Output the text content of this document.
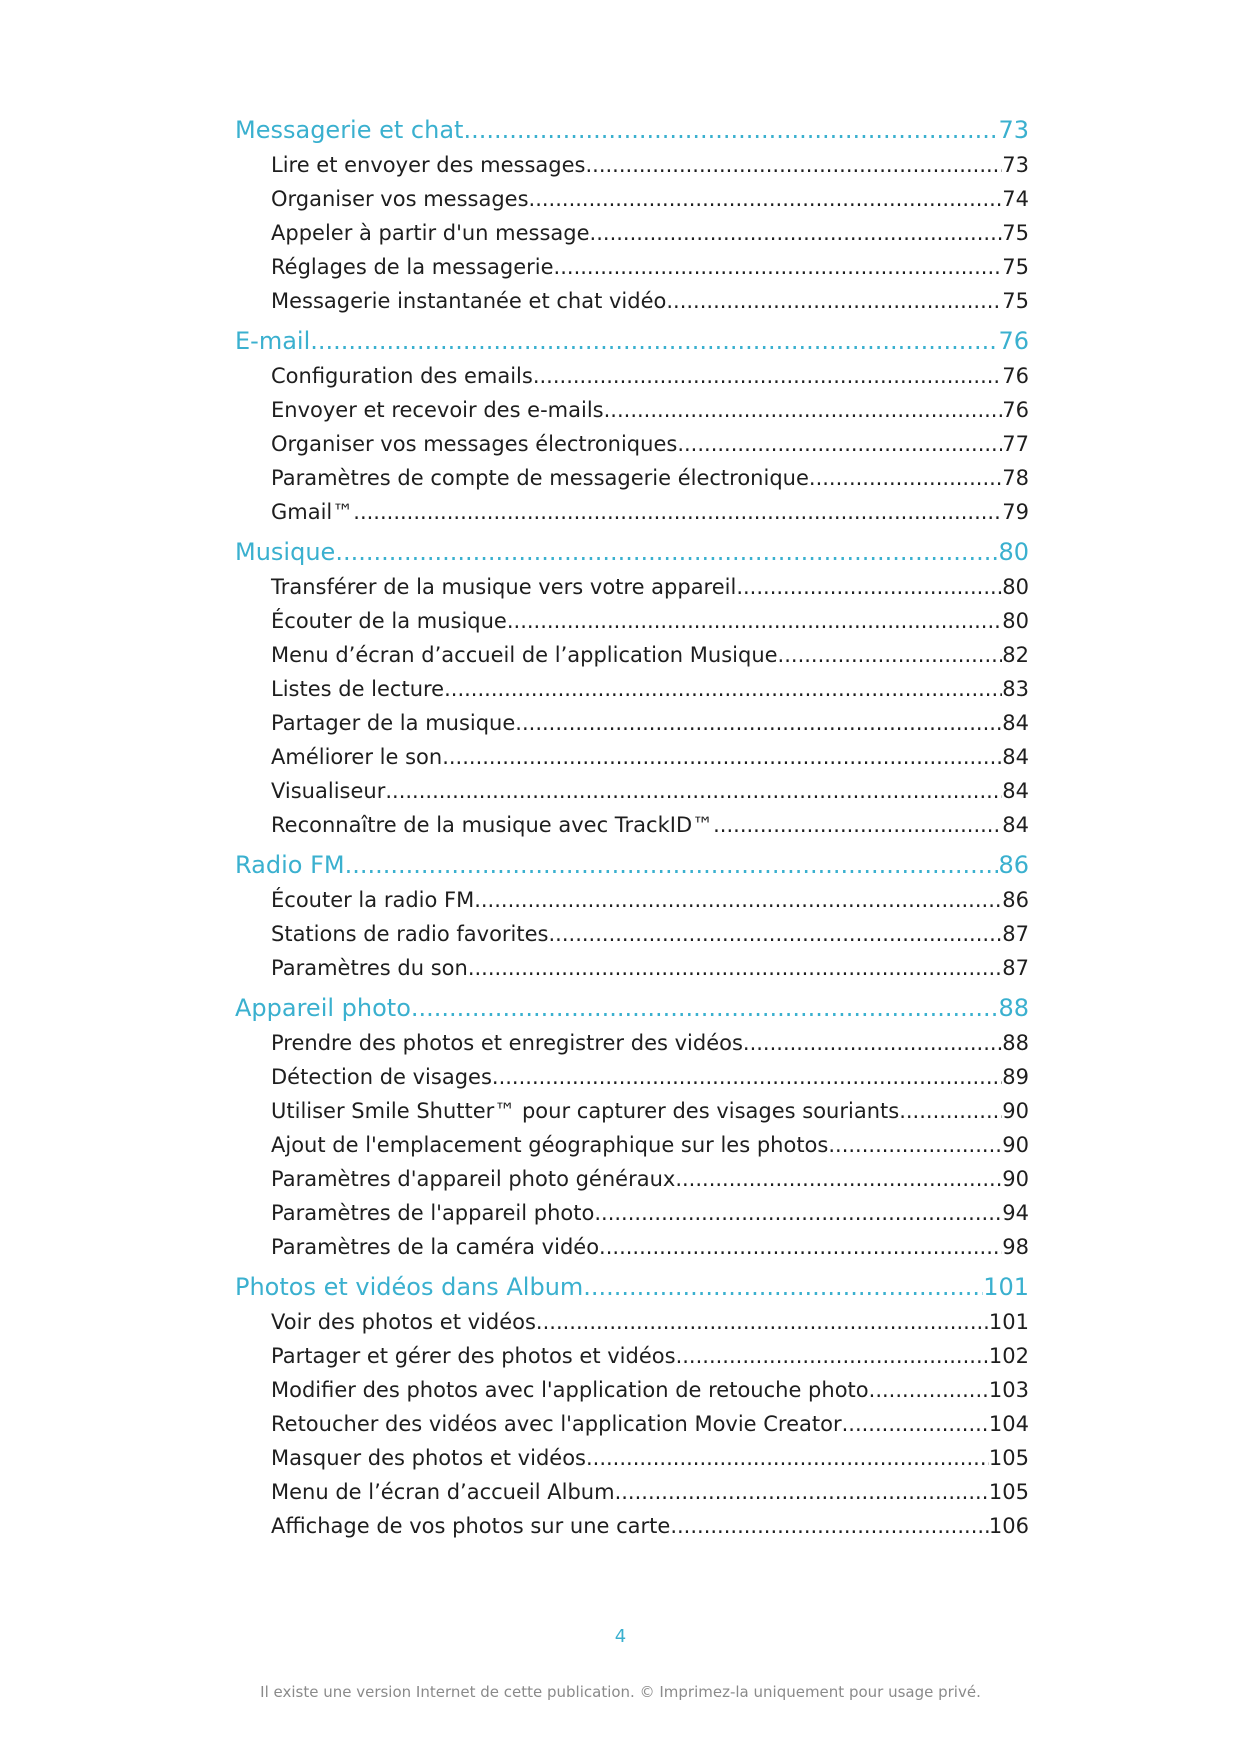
Messagerie et chat .....	73
Lire et envoyer des messages .....	73
Organiser vos messages .....	74
Appeler à partir d'un message .....	75
Réglages de la messagerie .....	75
Messagerie instantanée et chat vidéo .....	75
E-mail .....	76
Configuration des emails .....	76
Envoyer et recevoir des e-mails .....	76
Organiser vos messages électroniques .....	77
Paramètres de compte de messagerie électronique .....	78
Gmail™ .....	79
Musique .....	80
Transférer de la musique vers votre appareil .....	80
Écouter de la musique .....	80
Menu d’écran d’accueil de l’application Musique .....	82
Listes de lecture .....	83
Partager de la musique .....	84
Améliorer le son .....	84
Visualiseur .....	84
Reconnaître de la musique avec TrackID™ .....	84
Radio FM .....	86
Écouter la radio FM .....	86
Stations de radio favorites .....	87
Paramètres du son .....	87
Appareil photo .....	88
Prendre des photos et enregistrer des vidéos .....	88
Détection de visages .....	89
Utiliser Smile Shutter™ pour capturer des visages souriants .....	90
Ajout de l'emplacement géographique sur les photos .....	90
Paramètres d'appareil photo généraux .....	90
Paramètres de l'appareil photo .....	94
Paramètres de la caméra vidéo .....	98
Photos et vidéos dans Album .....	101
Voir des photos et vidéos .....	101
Partager et gérer des photos et vidéos .....	102
Modifier des photos avec l'application de retouche photo .....	103
Retoucher des vidéos avec l'application Movie Creator .....	104
Masquer des photos et vidéos .....	105
Menu de l’écran d’accueil Album .....	105
Affichage de vos photos sur une carte .....	106
4
Il existe une version Internet de cette publication. © Imprimez-la uniquement pour usage privé.
